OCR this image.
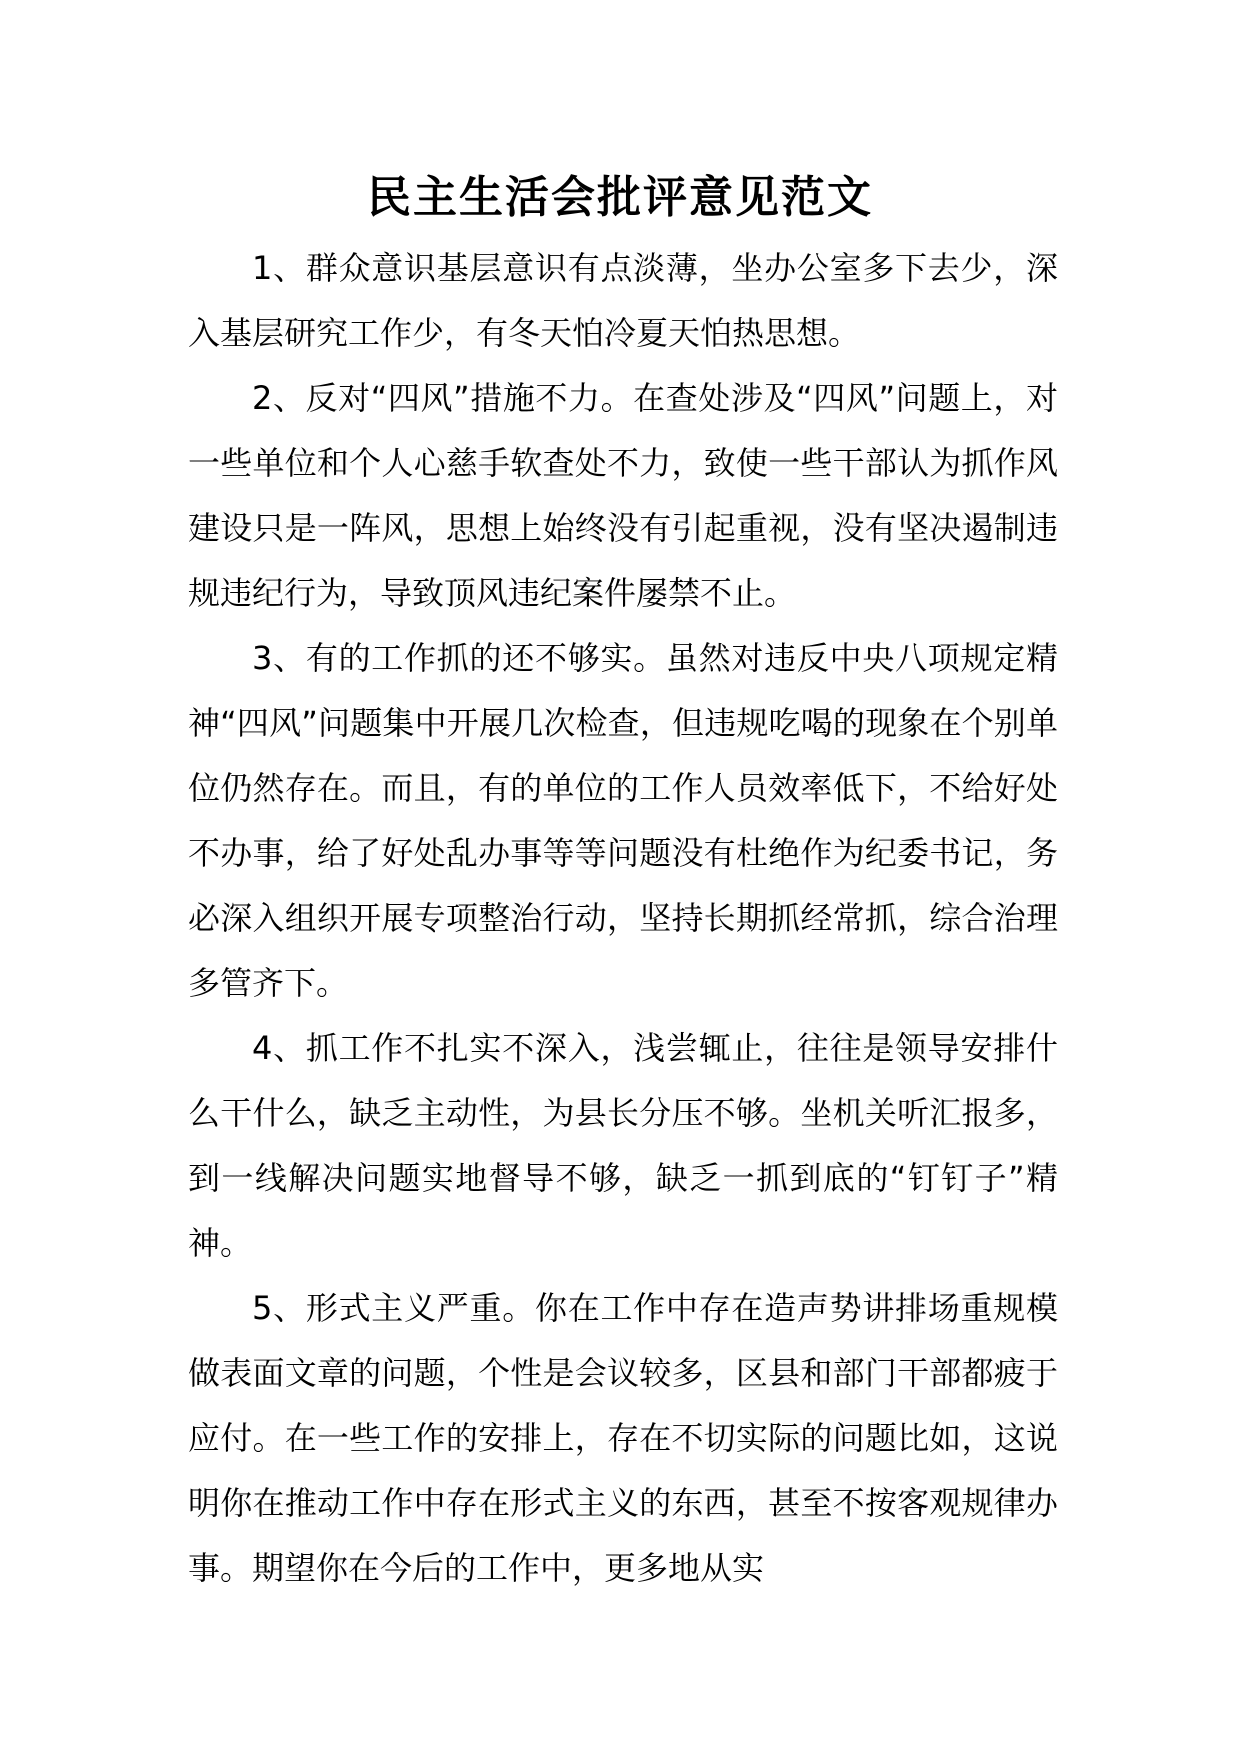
民主生活会批评意见范文

1、群众意识基层意识有点淡薄，坐办公室多下去少，深入基层研究工作少，有冬天怕冷夏天怕热思想。

2、反对“四风”措施不力。在查处涉及“四风”问题上，对一些单位和个人心慈手软查处不力，致使一些干部认为抓作风建设只是一阵风，思想上始终没有引起重视，没有坚决遏制违规违纪行为，导致顶风违纪案件屡禁不止。

3、有的工作抓的还不够实。虽然对违反中央八项规定精神“四风”问题集中开展几次检查，但违规吃喝的现象在个别单位仍然存在。而且，有的单位的工作人员效率低下，不给好处不办事，给了好处乱办事等等问题没有杜绝作为纪委书记，务必深入组织开展专项整治行动，坚持长期抓经常抓，综合治理多管齐下。

4、抓工作不扎实不深入，浅尝辄止，往往是领导安排什么干什么，缺乏主动性，为县长分压不够。坐机关听汇报多，到一线解决问题实地督导不够，缺乏一抓到底的“钉钉子”精神。

5、形式主义严重。你在工作中存在造声势讲排场重规模做表面文章的问题，个性是会议较多，区县和部门干部都疲于应付。在一些工作的安排上，存在不切实际的问题比如，这说明你在推动工作中存在形式主义的东西，甚至不按客观规律办事。期望你在今后的工作中，更多地从实
